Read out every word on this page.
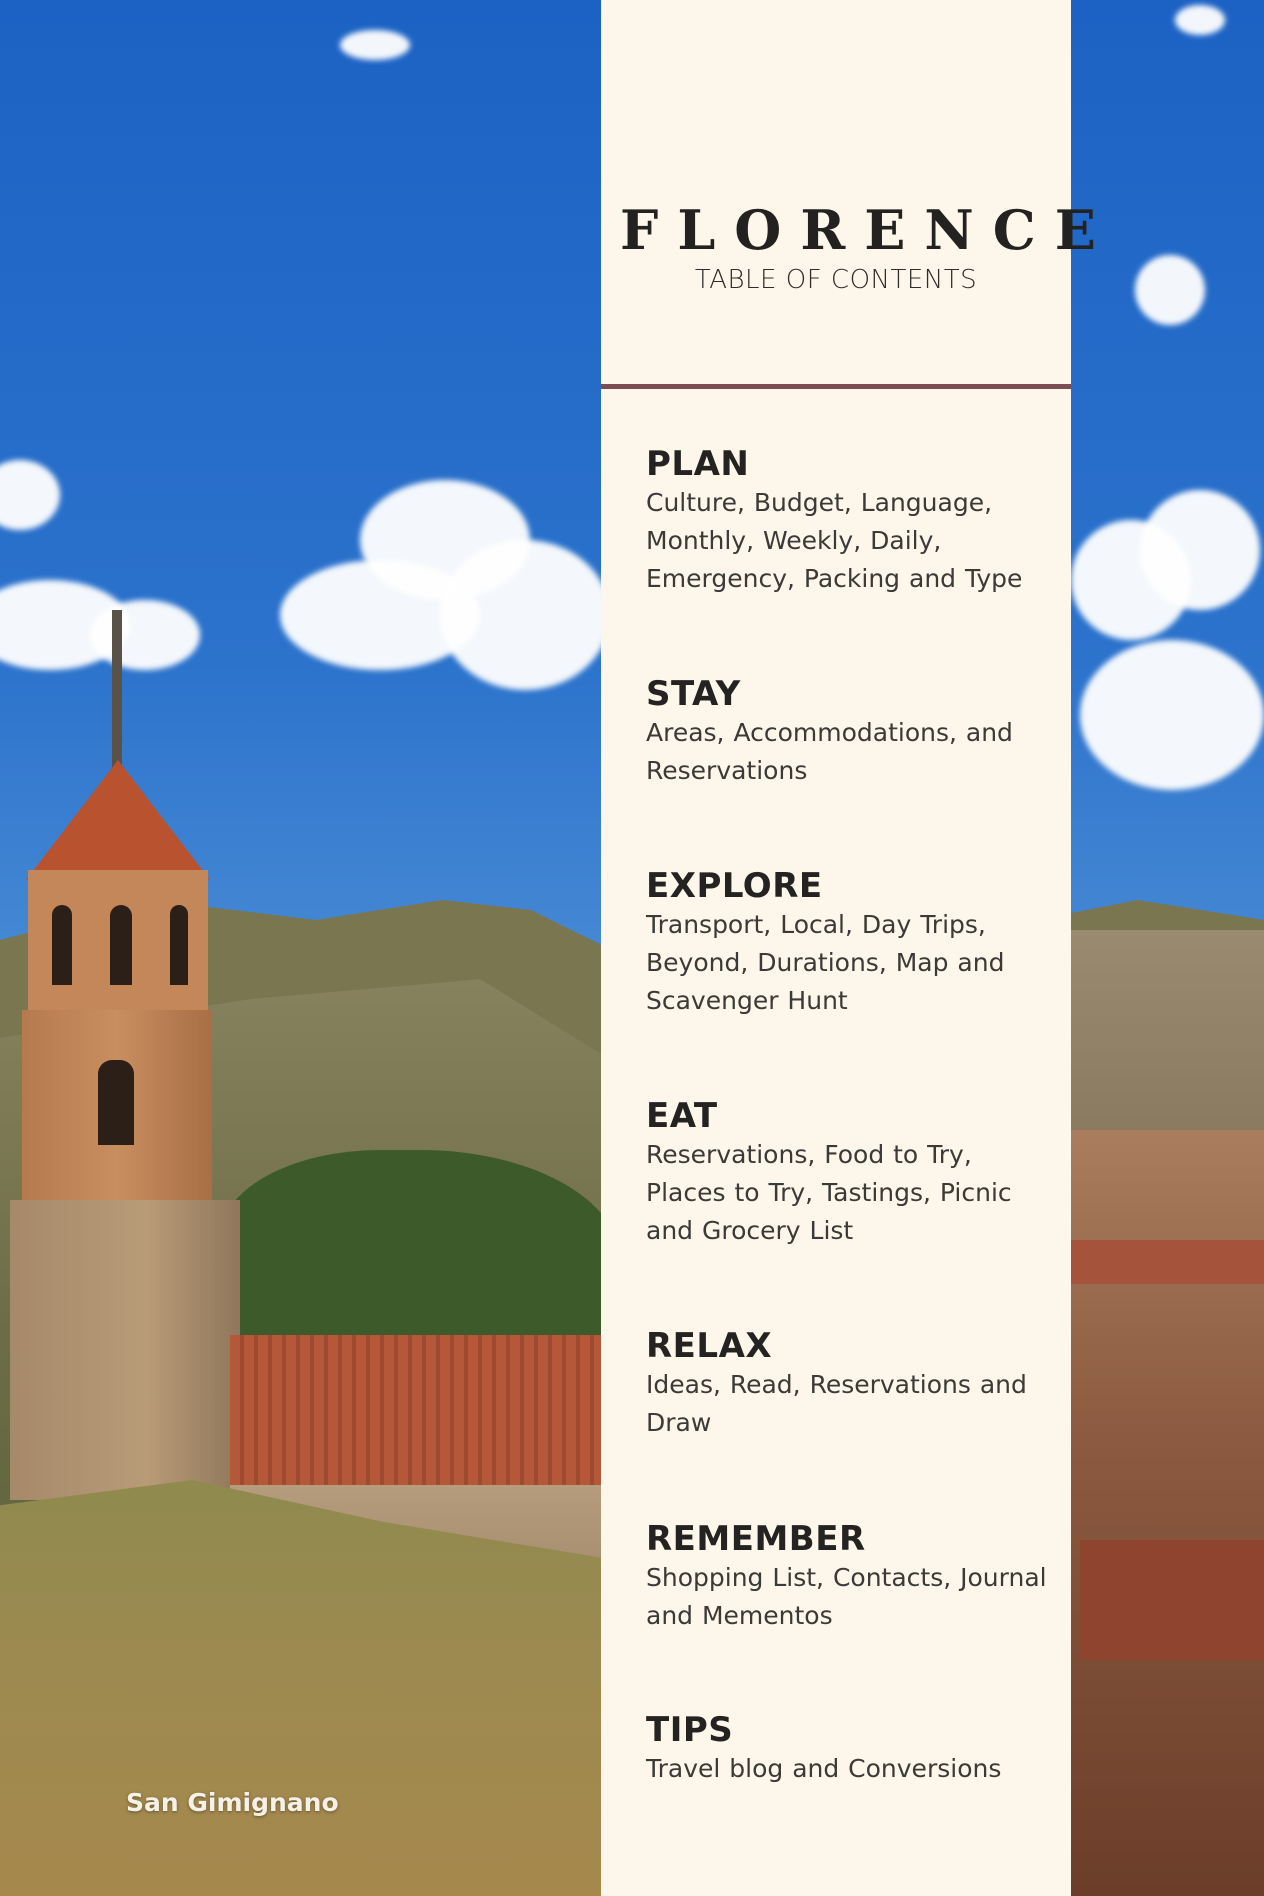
San Gimignano
FLORENCE
TABLE OF CONTENTS
PLAN

Culture, Budget, Language, Monthly, Weekly, Daily, Emergency, Packing and Type

STAY

Areas, Accommodations, and Reservations

EXPLORE

Transport, Local, Day Trips, Beyond, Durations, Map and Scavenger Hunt

EAT

Reservations, Food to Try, Places to Try, Tastings, Picnic and Grocery List

RELAX

Ideas, Read, Reservations and Draw

REMEMBER

Shopping List, Contacts, Journal and Mementos

TIPS

Travel blog and Conversions
